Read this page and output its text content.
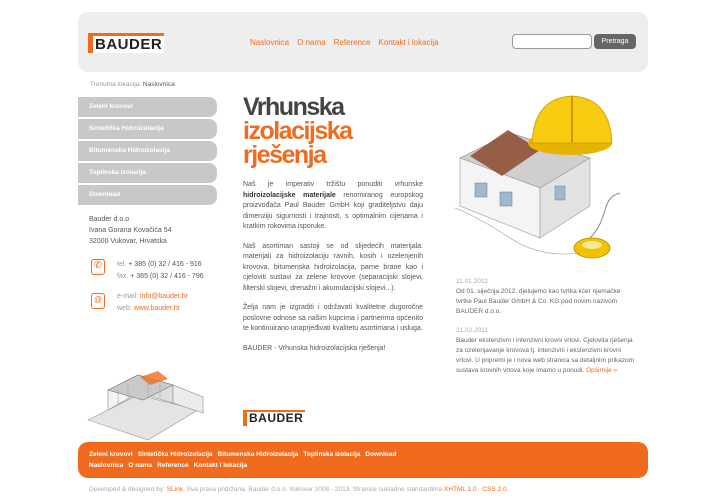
BAUDER	Naslovnica O nama Reference Kontakt i lokacija	Pretraga
Trenutna lokacija: Naslovnica
Zeleni krovovi
Sintetička Hidroizolacija
Bitumenska Hidroizolacija
Toplinska izolacija
Download
Bauder d.o.o
Ivana Gorana Kovačića 54
32000 Vukovar, Hrvatska
✆	tel. + 385 (0) 32 / 416 - 916
fax. + 385 (0) 32 / 416 - 796
@	e-mail: info@bauder.hr
web: www.bauder.hr
Vrhunska
izolacijska
rješenja

Naš je imperativ tržištu ponuditi vrhunske hidroizolacijske materijale renomiranog europskog proizvođača Paul Bauder GmbH koji graditeljstvu daju dimenziju sigurnosti i trajnosti, s optimalnim cijenama i kratkim rokovima isporuke.

Naš asortiman sastoji se od slijedećih materijala: materijali za hidroizolaciju ravnih, kosih i ozelenjenih krovova, bitumenska hidroizolacija, parne brane kao i cjeloviti sustavi za zelene krovove (separacijski slojevi, filterski slojevi, drenažni i akumulacijski slojevi...).

Želja nam je izgraditi i održavati kvalitetne dugoročne poslovne odnose sa našim kupcima i partnerima općenito te kontinuirano unaprjeđivati kvalitetu asortimana i usluga.

BAUDER - Vrhunska hidroizolacijska rješenja!

BAUDER
11.01.2012
Od 01. siječnja 2012. djelujemo kao tvrtka kćer njemačke tvrtke Paul Bauder GmbH & Co. KG pod novim nazivom BAUDER d.o.o.
21.02.2011
Bauder ekstenzivni i intenzivni krovni vrtovi. Cjelovita rješenja za ozelenjavanje krovova tj. intenzivni i ekstenzivni krovni vrtovi. U pripremi je i nova web stranica sa detaljnim prikazom sustava krovnih vrtova koje imamo u ponudi. Opširnije »
Zeleni krovovi Sintetička Hidroizolacija Bitumenska Hidroizolacija Toplinska izolacija Download
Naslovnica O nama Reference Kontakt i lokacija
Developed & designed by: SLink. Sva prava pridržana, Bauder d.o.o. Vukovar 2008 - 2013. Stranice sukladne standardima XHTML 1.0 · CSS 2.0.
